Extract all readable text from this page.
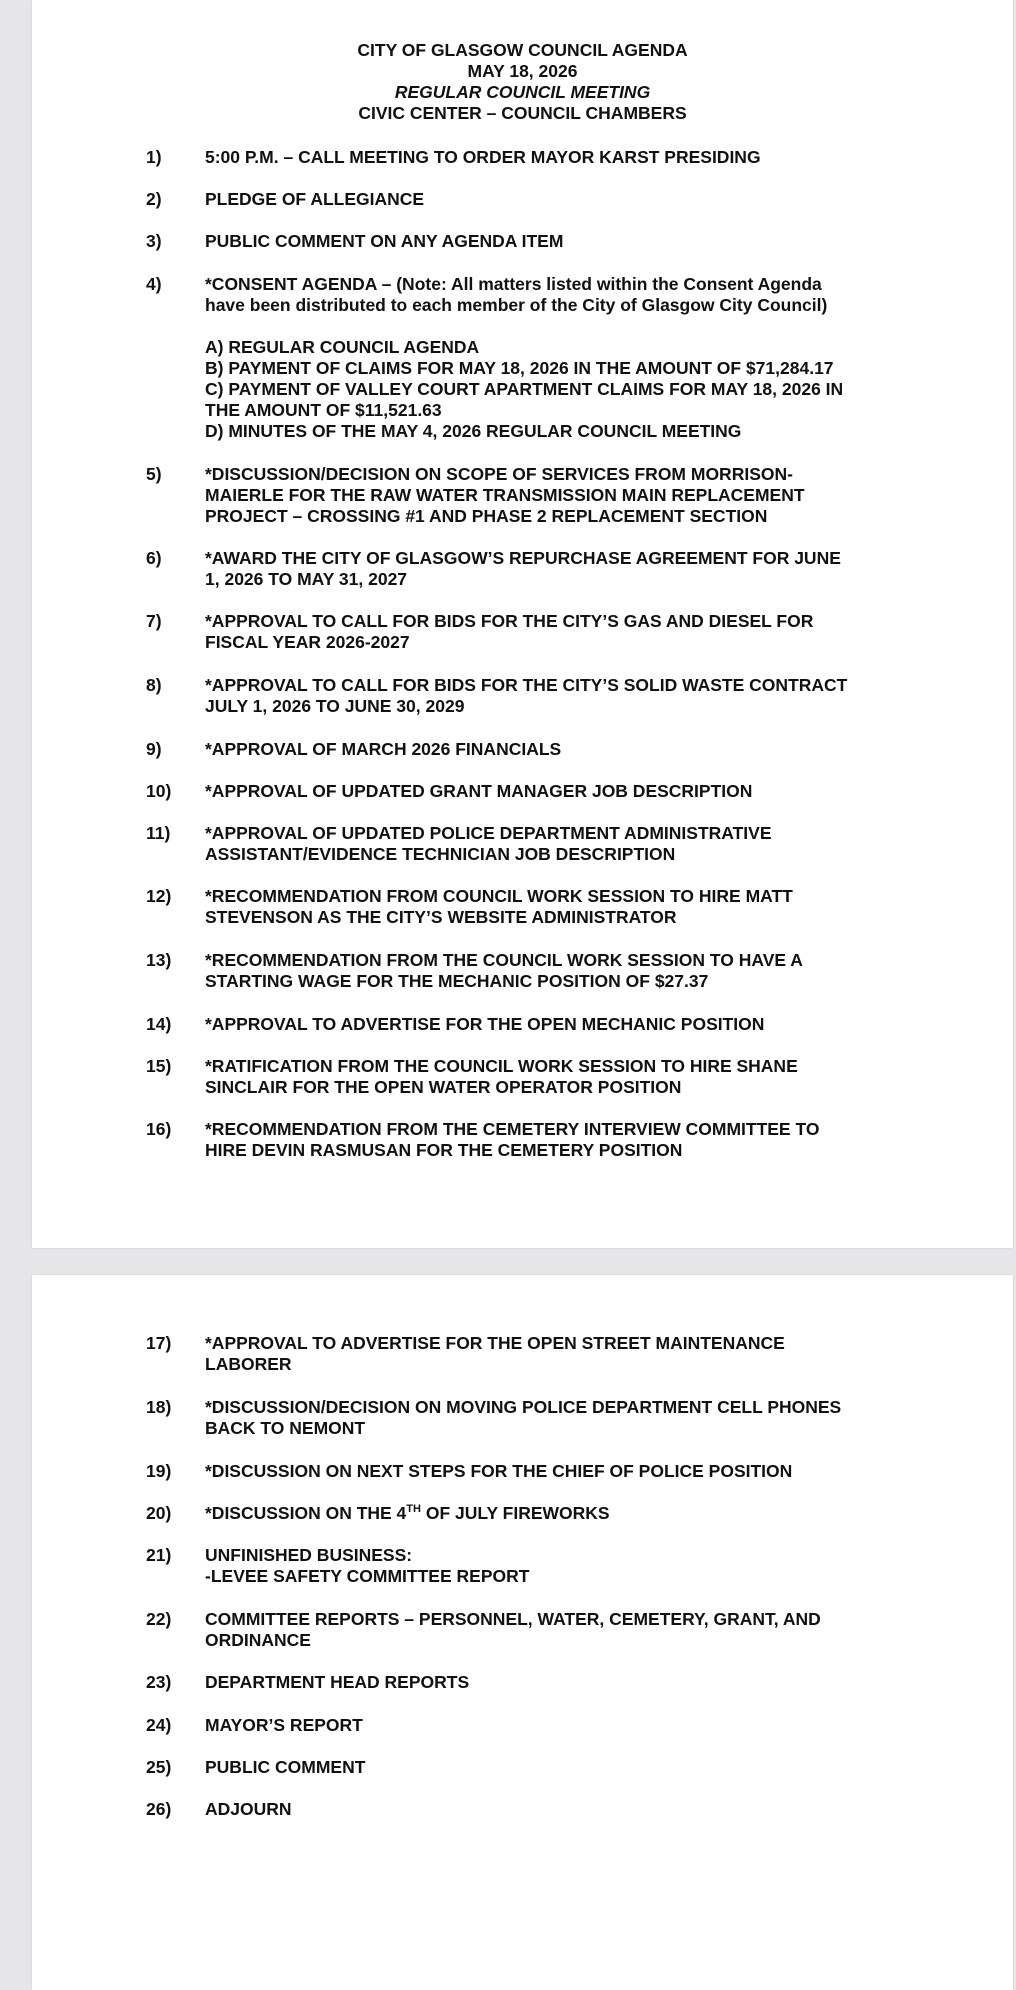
CITY OF GLASGOW COUNCIL AGENDA
MAY 18, 2026
REGULAR COUNCIL MEETING
CIVIC CENTER – COUNCIL CHAMBERS
1) 5:00 P.M. – CALL MEETING TO ORDER MAYOR KARST PRESIDING
2) PLEDGE OF ALLEGIANCE
3) PUBLIC COMMENT ON ANY AGENDA ITEM
4) *CONSENT AGENDA – (Note: All matters listed within the Consent Agenda
have been distributed to each member of the City of Glasgow City Council)
A) REGULAR COUNCIL AGENDA
B) PAYMENT OF CLAIMS FOR MAY 18, 2026 IN THE AMOUNT OF $71,284.17
C) PAYMENT OF VALLEY COURT APARTMENT CLAIMS FOR MAY 18, 2026 IN
THE AMOUNT OF $11,521.63
D) MINUTES OF THE MAY 4, 2026 REGULAR COUNCIL MEETING
5) *DISCUSSION/DECISION ON SCOPE OF SERVICES FROM MORRISON-
MAIERLE FOR THE RAW WATER TRANSMISSION MAIN REPLACEMENT
PROJECT – CROSSING #1 AND PHASE 2 REPLACEMENT SECTION
6) *AWARD THE CITY OF GLASGOW’S REPURCHASE AGREEMENT FOR JUNE
1, 2026 TO MAY 31, 2027
7) *APPROVAL TO CALL FOR BIDS FOR THE CITY’S GAS AND DIESEL FOR
FISCAL YEAR 2026-2027
8) *APPROVAL TO CALL FOR BIDS FOR THE CITY’S SOLID WASTE CONTRACT
JULY 1, 2026 TO JUNE 30, 2029
9) *APPROVAL OF MARCH 2026 FINANCIALS
10) *APPROVAL OF UPDATED GRANT MANAGER JOB DESCRIPTION
11) *APPROVAL OF UPDATED POLICE DEPARTMENT ADMINISTRATIVE
ASSISTANT/EVIDENCE TECHNICIAN JOB DESCRIPTION
12) *RECOMMENDATION FROM COUNCIL WORK SESSION TO HIRE MATT
STEVENSON AS THE CITY’S WEBSITE ADMINISTRATOR
13) *RECOMMENDATION FROM THE COUNCIL WORK SESSION TO HAVE A
STARTING WAGE FOR THE MECHANIC POSITION OF $27.37
14) *APPROVAL TO ADVERTISE FOR THE OPEN MECHANIC POSITION
15) *RATIFICATION FROM THE COUNCIL WORK SESSION TO HIRE SHANE
SINCLAIR FOR THE OPEN WATER OPERATOR POSITION
16) *RECOMMENDATION FROM THE CEMETERY INTERVIEW COMMITTEE TO
HIRE DEVIN RASMUSAN FOR THE CEMETERY POSITION
17) *APPROVAL TO ADVERTISE FOR THE OPEN STREET MAINTENANCE
LABORER
18) *DISCUSSION/DECISION ON MOVING POLICE DEPARTMENT CELL PHONES
BACK TO NEMONT
19) *DISCUSSION ON NEXT STEPS FOR THE CHIEF OF POLICE POSITION
20) *DISCUSSION ON THE 4TH OF JULY FIREWORKS
21) UNFINISHED BUSINESS:
-LEVEE SAFETY COMMITTEE REPORT
22) COMMITTEE REPORTS – PERSONNEL, WATER, CEMETERY, GRANT, AND
ORDINANCE
23) DEPARTMENT HEAD REPORTS
24) MAYOR’S REPORT
25) PUBLIC COMMENT
26) ADJOURN
